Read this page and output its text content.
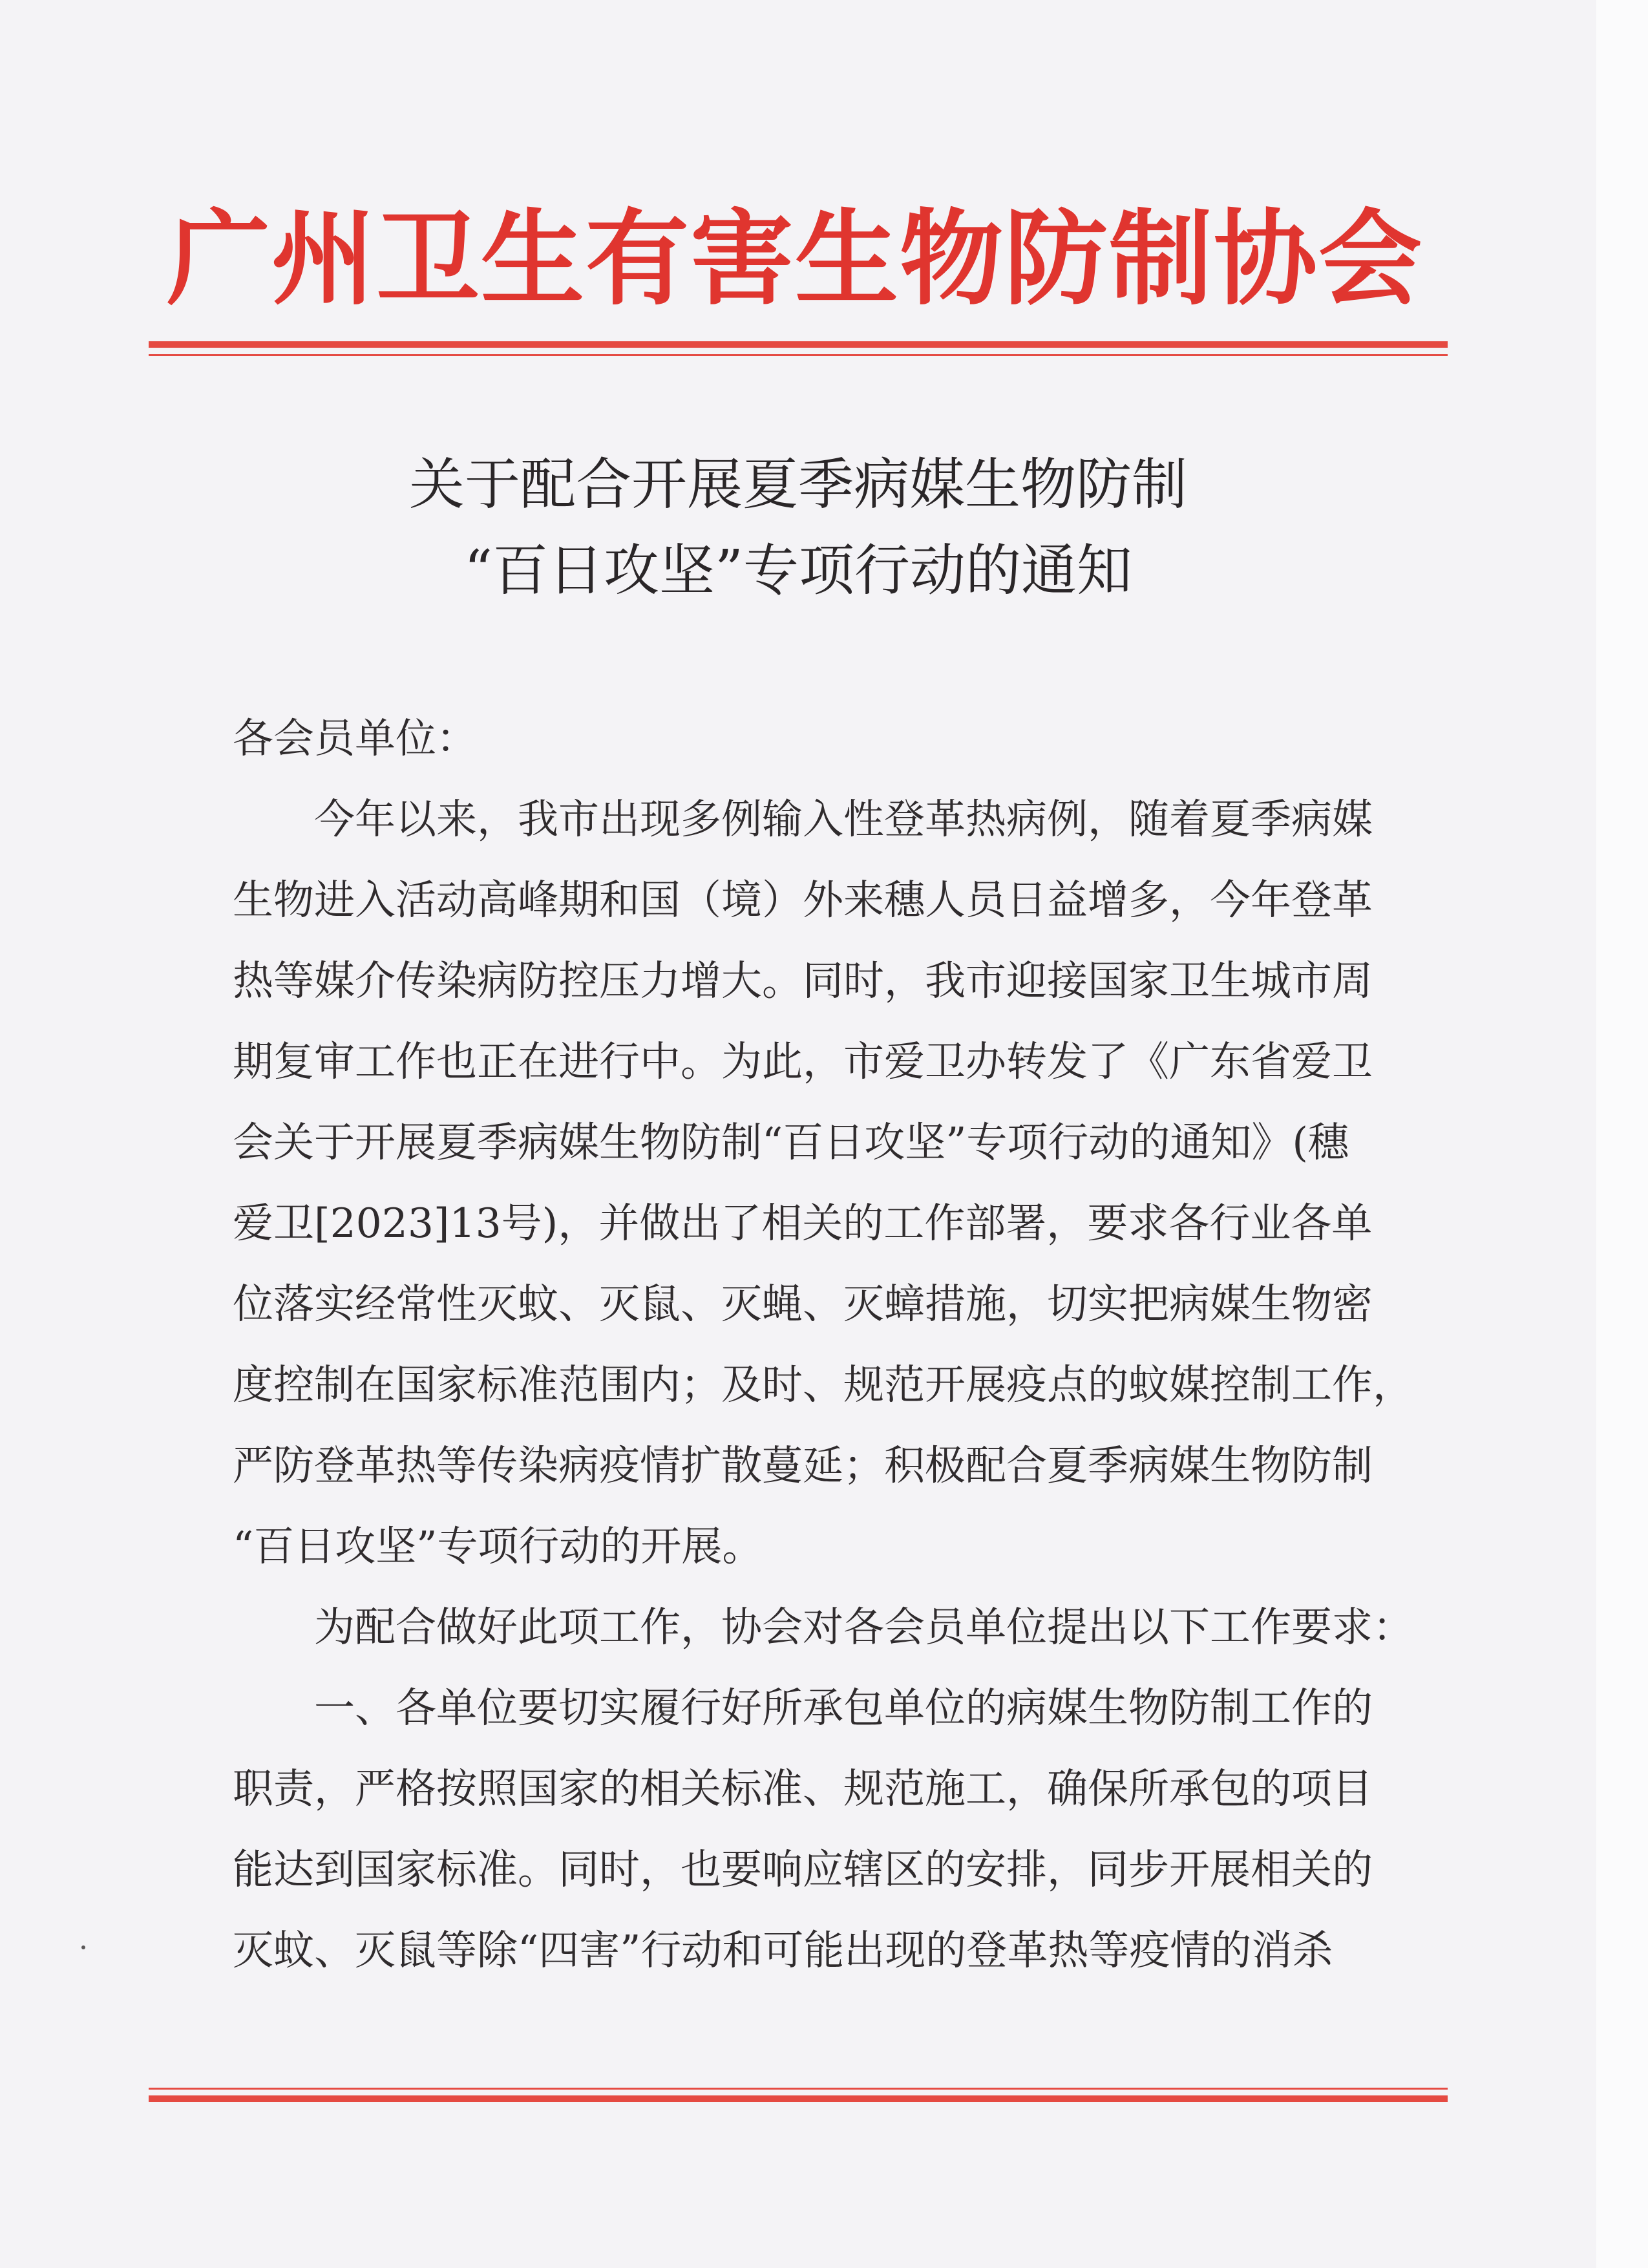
广州卫生有害生物防制协会
关于配合开展夏季病媒生物防制
“百日攻坚”专项行动的通知
各会员单位：
今年以来，我市出现多例输入性登革热病例，随着夏季病媒
生物进入活动高峰期和国（境）外来穗人员日益增多，今年登革
热等媒介传染病防控压力增大。同时，我市迎接国家卫生城市周
期复审工作也正在进行中。为此，市爱卫办转发了《广东省爱卫
会关于开展夏季病媒生物防制“百日攻坚”专项行动的通知》(穗
爱卫[2023]13号)，并做出了相关的工作部署，要求各行业各单
位落实经常性灭蚊、灭鼠、灭蝇、灭蟑措施，切实把病媒生物密
度控制在国家标准范围内；及时、规范开展疫点的蚊媒控制工作，
严防登革热等传染病疫情扩散蔓延；积极配合夏季病媒生物防制
“百日攻坚”专项行动的开展。
为配合做好此项工作，协会对各会员单位提出以下工作要求：
一、各单位要切实履行好所承包单位的病媒生物防制工作的
职责，严格按照国家的相关标准、规范施工，确保所承包的项目
能达到国家标准。同时，也要响应辖区的安排，同步开展相关的
灭蚊、灭鼠等除“四害”行动和可能出现的登革热等疫情的消杀
